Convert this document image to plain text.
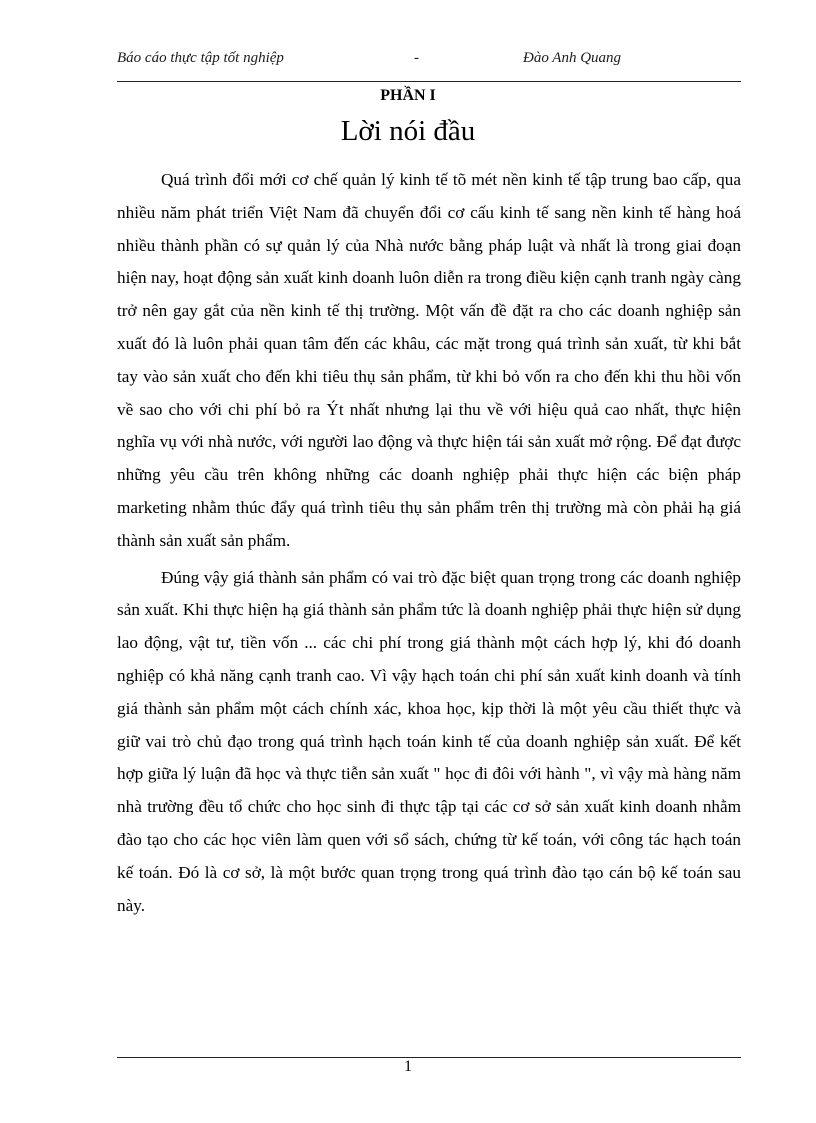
Báo cáo thực tập tốt nghiệp	-	Đào Anh Quang
PHẦN I
Lời nói đầu

Quá trình đổi mới cơ chế quản lý kinh tế tõ mét nền kinh tế tập trung bao cấp, qua nhiều năm phát triển Việt Nam đã chuyển đổi cơ cấu kinh tế sang nền kinh tế hàng hoá nhiều thành phần có sự quản lý của Nhà nước bằng pháp luật và nhất là trong giai đoạn hiện nay, hoạt động sản xuất kinh doanh luôn diễn ra trong điều kiện cạnh tranh ngày càng trở nên gay gắt của nền kinh tế thị trường. Một vấn đề đặt ra cho các doanh nghiệp sản xuất đó là luôn phải quan tâm đến các khâu, các mặt trong quá trình sản xuất, từ khi bắt tay vào sản xuất cho đến khi tiêu thụ sản phẩm, từ khi bỏ vốn ra cho đến khi thu hồi vốn về sao cho với chi phí bỏ ra Ýt nhất nhưng lại thu về với hiệu quả cao nhất, thực hiện nghĩa vụ với nhà nước, với người lao động và thực hiện tái sản xuất mở rộng. Để đạt được những yêu cầu trên không những các doanh nghiệp phải thực hiện các biện pháp marketing nhằm thúc đẩy quá trình tiêu thụ sản phẩm trên thị trường mà còn phải hạ giá thành sản xuất sản phẩm.

Đúng vậy giá thành sản phẩm có vai trò đặc biệt quan trọng trong các doanh nghiệp sản xuất. Khi thực hiện hạ giá thành sản phẩm tức là doanh nghiệp phải thực hiện sử dụng lao động, vật tư, tiền vốn ... các chi phí trong giá thành một cách hợp lý, khi đó doanh nghiệp có khả năng cạnh tranh cao. Vì vậy hạch toán chi phí sản xuất kinh doanh và tính giá thành sản phẩm một cách chính xác, khoa học, kịp thời là một yêu cầu thiết thực và giữ vai trò chủ đạo trong quá trình hạch toán kinh tế của doanh nghiệp sản xuất. Để kết hợp giữa lý luận đã học và thực tiễn sản xuất " học đi đôi với hành ", vì vậy mà hàng năm nhà trường đều tổ chức cho học sinh đi thực tập tại các cơ sở sản xuất kinh doanh nhằm đào tạo cho các học viên làm quen với sổ sách, chứng từ kế toán, với công tác hạch toán kế toán. Đó là cơ sở, là một bước quan trọng trong quá trình đào tạo cán bộ kế toán sau này.

1
